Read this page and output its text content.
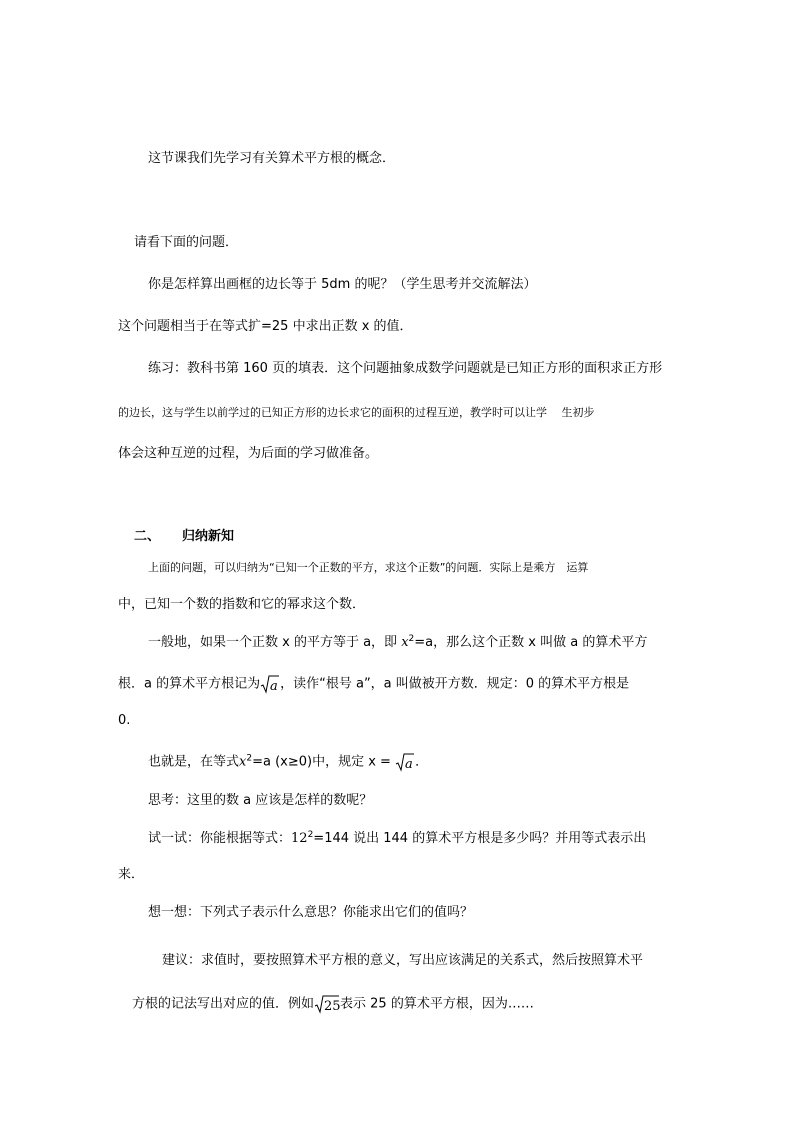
这节课我们先学习有关算术平方根的概念．
请看下面的问题．
你是怎样算出画框的边长等于 5dm 的呢？（学生思考并交流解法）
这个问题相当于在等式扩=25 中求出正数 x 的值．
练习：教科书第 160 页的填表．这个问题抽象成数学问题就是已知正方形的面积求正方形
的边长，这与学生以前学过的已知正方形的边长求它的面积的过程互逆，教学时可以让学　 生初步
体会这种互逆的过程，为后面的学习做准备。
二、 归纳新知
上面的问题，可以归纳为“已知一个正数的平方，求这个正数”的问题．实际上是乘方　运算
中，已知一个数的指数和它的幂求这个数．
一般地，如果一个正数 x 的平方等于 a，即 $x^2=a$，那么这个正数 x 叫做 a 的算术平方
根．a 的算术平方根记为 a ，读作“根号 a”，a 叫做被开方数．规定：0 的算术平方根是
0.
也就是，在等式$x^2=a$ (x≥0)中，规定 x = a ．
思考：这里的数 a 应该是怎样的数呢？
试一试：你能根据等式：$12^2=144$ 说出 144 的算术平方根是多少吗？并用等式表示出
来．
想一想：下列式子表示什么意思？你能求出它们的值吗？
建议：求值时，要按照算术平方根的意义，写出应该满足的关系式，然后按照算术平
方根的记法写出对应的值．例如 25 表示 25 的算术平方根，因为……
